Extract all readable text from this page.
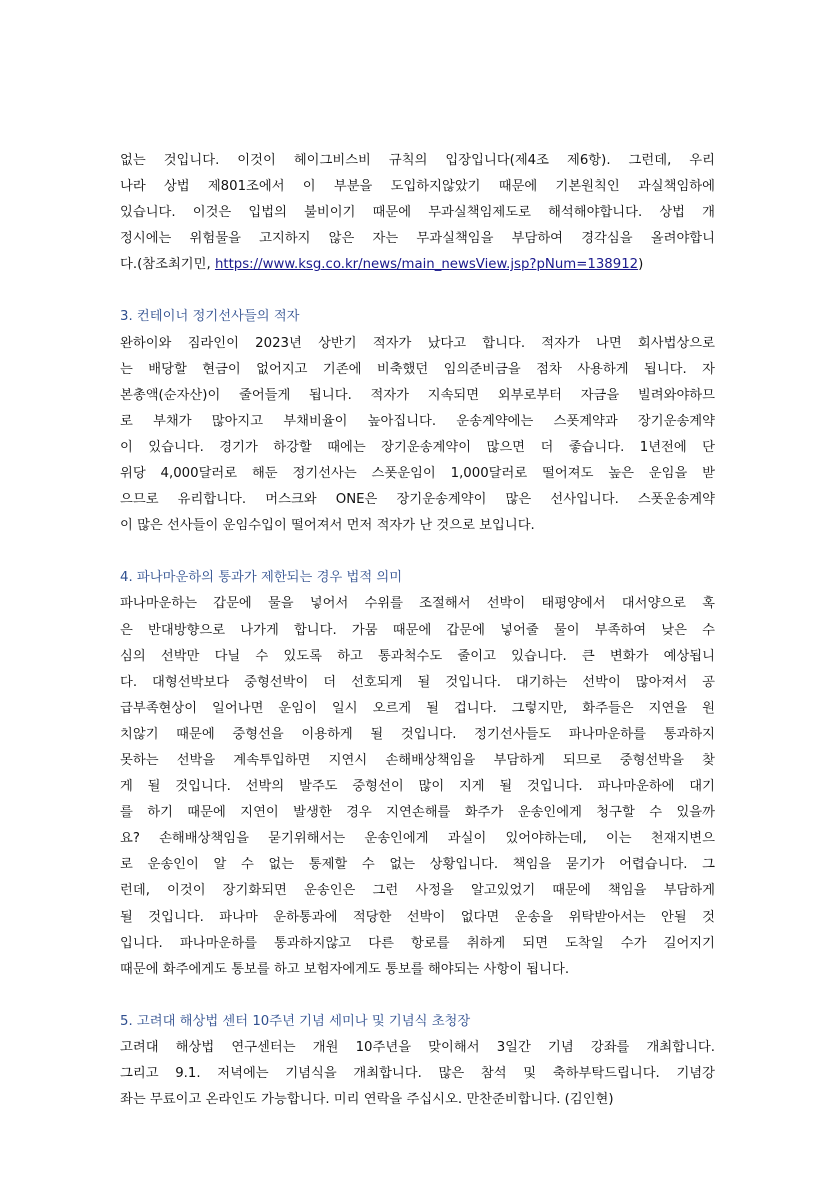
없는 것입니다. 이것이 헤이그비스비 규칙의 입장입니다(제4조 제6항). 그런데, 우리

나라 상법 제801조에서 이 부분을 도입하지않았기 때문에 기본원칙인 과실책임하에

있습니다. 이것은 입법의 불비이기 때문에 무과실책임제도로 해석해야합니다. 상법 개

정시에는 위험물을 고지하지 않은 자는 무과실책임을 부담하여 경각심을 올려야합니

다.(참조최기민, https://www.ksg.co.kr/news/main_newsView.jsp?pNum=138912)

3. 컨테이너 정기선사들의 적자

완하이와 짐라인이 2023년 상반기 적자가 났다고 합니다. 적자가 나면 회사법상으로

는 배당할 현금이 없어지고 기존에 비축했던 임의준비금을 점차 사용하게 됩니다. 자

본총액(순자산)이 줄어들게 됩니다. 적자가 지속되면 외부로부터 자금을 빌려와야하므

로 부채가 많아지고 부채비율이 높아집니다. 운송계약에는 스폿계약과 장기운송계약

이 있습니다. 경기가 하강할 때에는 장기운송계약이 많으면 더 좋습니다. 1년전에 단

위당 4,000달러로 해둔 정기선사는 스폿운임이 1,000달러로 떨어져도 높은 운임을 받

으므로 유리합니다. 머스크와 ONE은 장기운송계약이 많은 선사입니다. 스폿운송계약

이 많은 선사들이 운임수입이 떨어져서 먼저 적자가 난 것으로 보입니다.

4. 파나마운하의 통과가 제한되는 경우 법적 의미

파나마운하는 갑문에 물을 넣어서 수위를 조절해서 선박이 태평양에서 대서양으로 혹

은 반대방향으로 나가게 합니다. 가뭄 때문에 갑문에 넣어줄 물이 부족하여 낮은 수

심의 선박만 다닐 수 있도록 하고 통과척수도 줄이고 있습니다. 큰 변화가 예상됩니

다. 대형선박보다 중형선박이 더 선호되게 될 것입니다. 대기하는 선박이 많아져서 공

급부족현상이 일어나면 운임이 일시 오르게 될 겁니다. 그렇지만, 화주들은 지연을 원

치않기 때문에 중형선을 이용하게 될 것입니다. 정기선사들도 파나마운하를 통과하지

못하는 선박을 계속투입하면 지연시 손해배상책임을 부담하게 되므로 중형선박을 찾

게 될 것입니다. 선박의 발주도 중형선이 많이 지게 될 것입니다. 파나마운하에 대기

를 하기 때문에 지연이 발생한 경우 지연손해를 화주가 운송인에게 청구할 수 있을까

요? 손해배상책임을 묻기위해서는 운송인에게 과실이 있어야하는데, 이는 천재지변으

로 운송인이 알 수 없는 통제할 수 없는 상황입니다. 책임을 묻기가 어렵습니다. 그

런데, 이것이 장기화되면 운송인은 그런 사정을 알고있었기 때문에 책임을 부담하게

될 것입니다. 파나마 운하통과에 적당한 선박이 없다면 운송을 위탁받아서는 안될 것

입니다. 파나마운하를 통과하지않고 다른 항로를 취하게 되면 도착일 수가 길어지기

때문에 화주에게도 통보를 하고 보험자에게도 통보를 해야되는 사항이 됩니다.

5. 고려대 해상법 센터 10주년 기념 세미나 및 기념식 초청장

고려대 해상법 연구센터는 개원 10주년을 맞이해서 3일간 기념 강좌를 개최합니다.

그리고 9.1. 저녁에는 기념식을 개최합니다. 많은 참석 및 축하부탁드립니다. 기념강

좌는 무료이고 온라인도 가능합니다. 미리 연락을 주십시오. 만찬준비합니다. (김인현)
